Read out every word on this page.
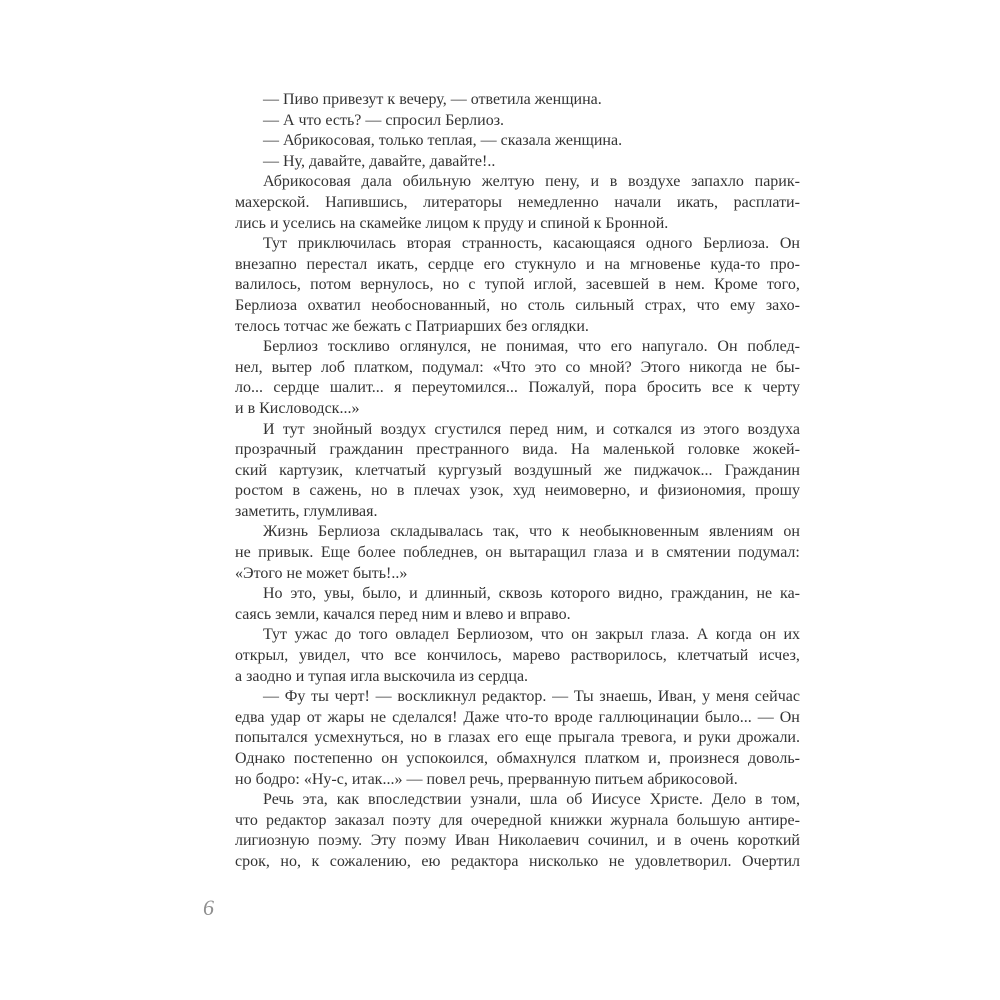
— Пиво привезут к вечеру, — ответила женщина.
— А что есть? — спросил Берлиоз.
— Абрикосовая, только теплая, — сказала женщина.
— Ну, давайте, давайте, давайте!..
Абрикосовая дала обильную желтую пену, и в воздухе запахло парик-
махерской. Напившись, литераторы немедленно начали икать, расплати-
лись и уселись на скамейке лицом к пруду и спиной к Бронной.
Тут приключилась вторая странность, касающаяся одного Берлиоза. Он
внезапно перестал икать, сердце его стукнуло и на мгновенье куда-то про-
валилось, потом вернулось, но с тупой иглой, засевшей в нем. Кроме того,
Берлиоза охватил необоснованный, но столь сильный страх, что ему захо-
телось тотчас же бежать с Патриарших без оглядки.
Берлиоз тоскливо оглянулся, не понимая, что его напугало. Он поблед-
нел, вытер лоб платком, подумал: «Что это со мной? Этого никогда не бы-
ло... сердце шалит... я переутомился... Пожалуй, пора бросить все к черту
и в Кисловодск...»
И тут знойный воздух сгустился перед ним, и соткался из этого воздуха
прозрачный гражданин престранного вида. На маленькой головке жокей-
ский картузик, клетчатый кургузый воздушный же пиджачок... Гражданин
ростом в сажень, но в плечах узок, худ неимоверно, и физиономия, прошу
заметить, глумливая.
Жизнь Берлиоза складывалась так, что к необыкновенным явлениям он
не привык. Еще более побледнев, он вытаращил глаза и в смятении подумал:
«Этого не может быть!..»
Но это, увы, было, и длинный, сквозь которого видно, гражданин, не ка-
саясь земли, качался перед ним и влево и вправо.
Тут ужас до того овладел Берлиозом, что он закрыл глаза. А когда он их
открыл, увидел, что все кончилось, марево растворилось, клетчатый исчез,
а заодно и тупая игла выскочила из сердца.
— Фу ты черт! — воскликнул редактор. — Ты знаешь, Иван, у меня сейчас
едва удар от жары не сделался! Даже что-то вроде галлюцинации было... — Он
попытался усмехнуться, но в глазах его еще прыгала тревога, и руки дрожали.
Однако постепенно он успокоился, обмахнулся платком и, произнеся доволь-
но бодро: «Ну-с, итак...» — повел речь, прерванную питьем абрикосовой.
Речь эта, как впоследствии узнали, шла об Иисусе Христе. Дело в том,
что редактор заказал поэту для очередной книжки журнала большую антире-
лигиозную поэму. Эту поэму Иван Николаевич сочинил, и в очень короткий
срок, но, к сожалению, ею редактора нисколько не удовлетворил. Очертил
6
